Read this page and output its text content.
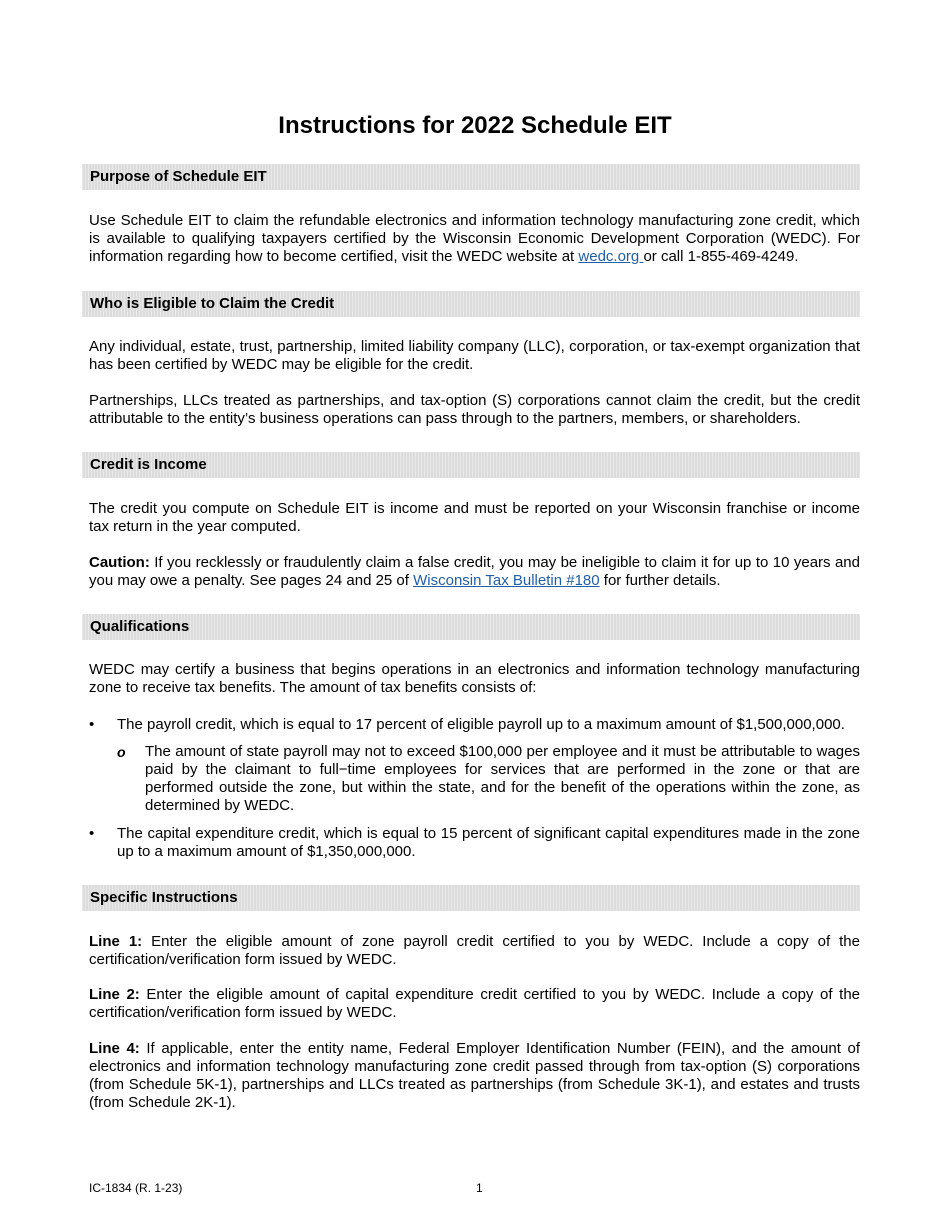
Instructions for 2022 Schedule EIT
Purpose of Schedule EIT
Use Schedule EIT to claim the refundable electronics and information technology manufacturing zone credit, which is available to qualifying taxpayers certified by the Wisconsin Economic Development Corporation (WEDC). For information regarding how to become certified, visit the WEDC website at wedc.org or call 1-855-469-4249.
Who is Eligible to Claim the Credit
Any individual, estate, trust, partnership, limited liability company (LLC), corporation, or tax-exempt organization that has been certified by WEDC may be eligible for the credit.
Partnerships, LLCs treated as partnerships, and tax-option (S) corporations cannot claim the credit, but the credit attributable to the entity’s business operations can pass through to the partners, members, or shareholders.
Credit is Income
The credit you compute on Schedule EIT is income and must be reported on your Wisconsin franchise or income tax return in the year computed.
Caution: If you recklessly or fraudulently claim a false credit, you may be ineligible to claim it for up to 10 years and you may owe a penalty. See pages 24 and 25 of Wisconsin Tax Bulletin #180 for further details.
Qualifications
WEDC may certify a business that begins operations in an electronics and information technology manufacturing zone to receive tax benefits. The amount of tax benefits consists of:
•	The payroll credit, which is equal to 17 percent of eligible payroll up to a maximum amount of $1,500,000,000.
o The amount of state payroll may not to exceed $100,000 per employee and it must be attributable to wages paid by the claimant to full−time employees for services that are performed in the zone or that are performed outside the zone, but within the state, and for the benefit of the operations within the zone, as determined by WEDC.
•	The capital expenditure credit, which is equal to 15 percent of significant capital expenditures made in the zone up to a maximum amount of $1,350,000,000.
Specific Instructions
Line 1: Enter the eligible amount of zone payroll credit certified to you by WEDC. Include a copy of the certification/verification form issued by WEDC.
Line 2: Enter the eligible amount of capital expenditure credit certified to you by WEDC. Include a copy of the certification/verification form issued by WEDC.
Line 4: If applicable, enter the entity name, Federal Employer Identification Number (FEIN), and the amount of electronics and information technology manufacturing zone credit passed through from tax-option (S) corporations (from Schedule 5K-1), partnerships and LLCs treated as partnerships (from Schedule 3K-1), and estates and trusts (from Schedule 2K-1).
IC-1834 (R. 1-23)	1
